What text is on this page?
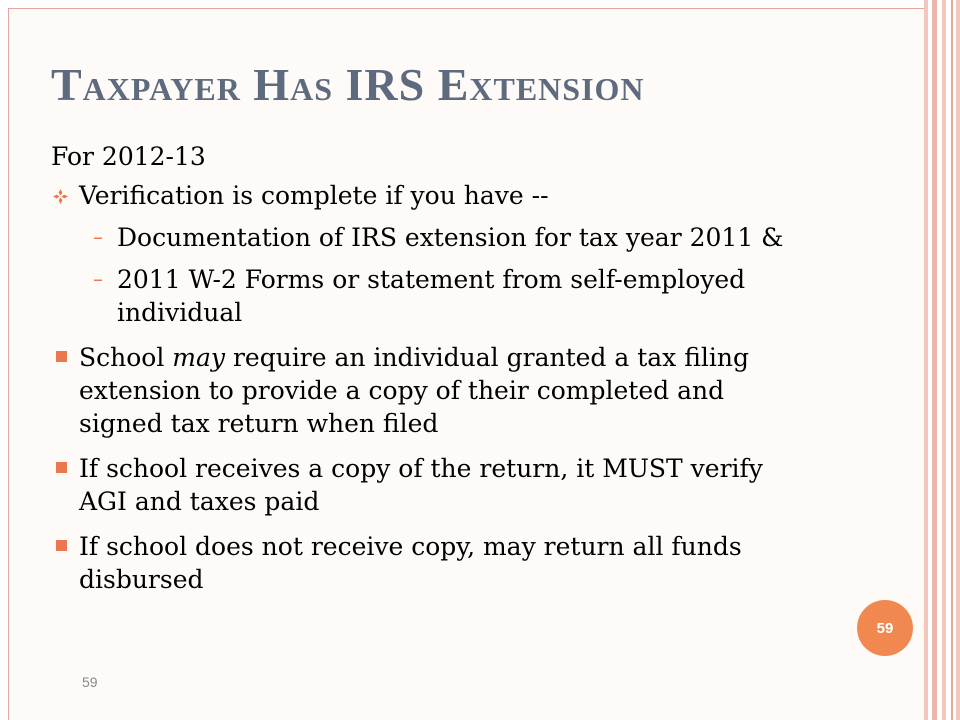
Taxpayer Has IRS Extension
For 2012-13
Verification is complete if you have --
– Documentation of IRS extension for tax year 2011 &
– 2011 W-2 Forms or statement from self-employed
individual
School may require an individual granted a tax filing
extension to provide a copy of their completed and
signed tax return when filed
If school receives a copy of the return, it MUST verify
AGI and taxes paid
If school does not receive copy, may return all funds
disbursed
59
59
